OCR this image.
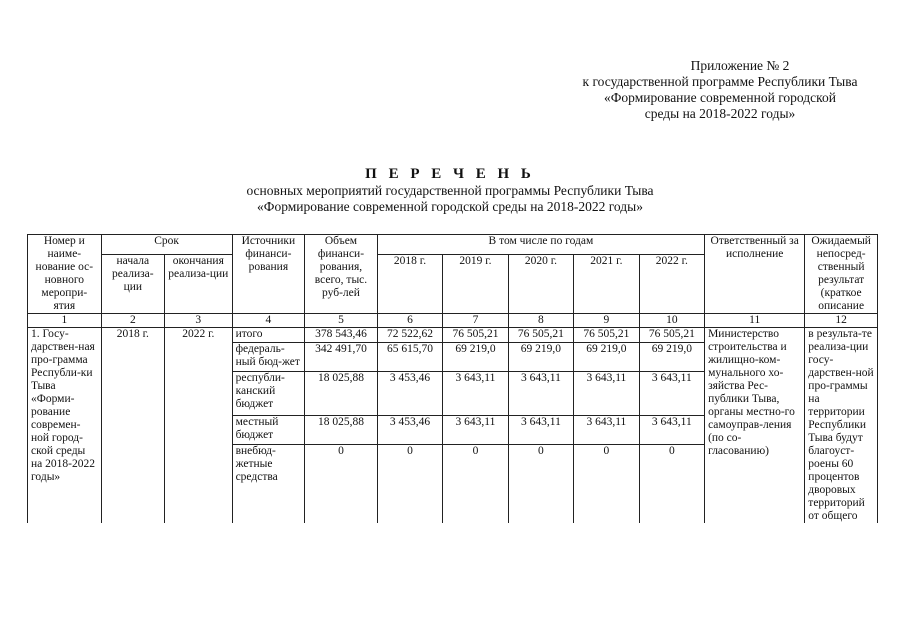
Приложение № 2
к государственной программе Республики Тыва
«Формирование современной городской
среды на 2018-2022 годы»
П Е Р Е Ч Е Н Ь
основных мероприятий государственной программы Республики Тыва
«Формирование современной городской среды на 2018-2022 годы»
Номер и наиме-нование ос-новного меропри-ятия	Срок		Источники финанси-рования	Объем финанси-рования, всего, тыс. руб-лей	В том числе по годам					Ответственный за исполнение	Ожидаемый непосред-ственный результат (краткое описание
	начала реализа-ции	окончания реализа-ции			2018 г.	2019 г.	2020 г.	2021 г.	2022 г.		
1	2	3	4	5	6	7	8	9	10	11	12
1. Госу-дарствен-ная про-грамма Республи-ки Тыва «Форми-рование современ-ной город-ской среды на 2018-2022 годы»	2018 г.	2022 г.	итого	378 543,46	72 522,62	76 505,21	76 505,21	76 505,21	76 505,21	Министерство строительства и жилищно-ком-мунального хо-зяйства Рес-публики Тыва, органы местно-го самоуправ-ления (по со-гласованию)	в результа-те реализа-ции госу-дарствен-ной про-граммы на территории Республики Тыва будут благоуст-роены 60 процентов дворовых территорий от общего
			федераль-ный бюд-жет	342 491,70	65 615,70	69 219,0	69 219,0	69 219,0	69 219,0		
			республи-канский бюджет	18 025,88	3 453,46	3 643,11	3 643,11	3 643,11	3 643,11		
			местный бюджет	18 025,88	3 453,46	3 643,11	3 643,11	3 643,11	3 643,11		
			внебюд-жетные средства	0	0	0	0	0	0		
